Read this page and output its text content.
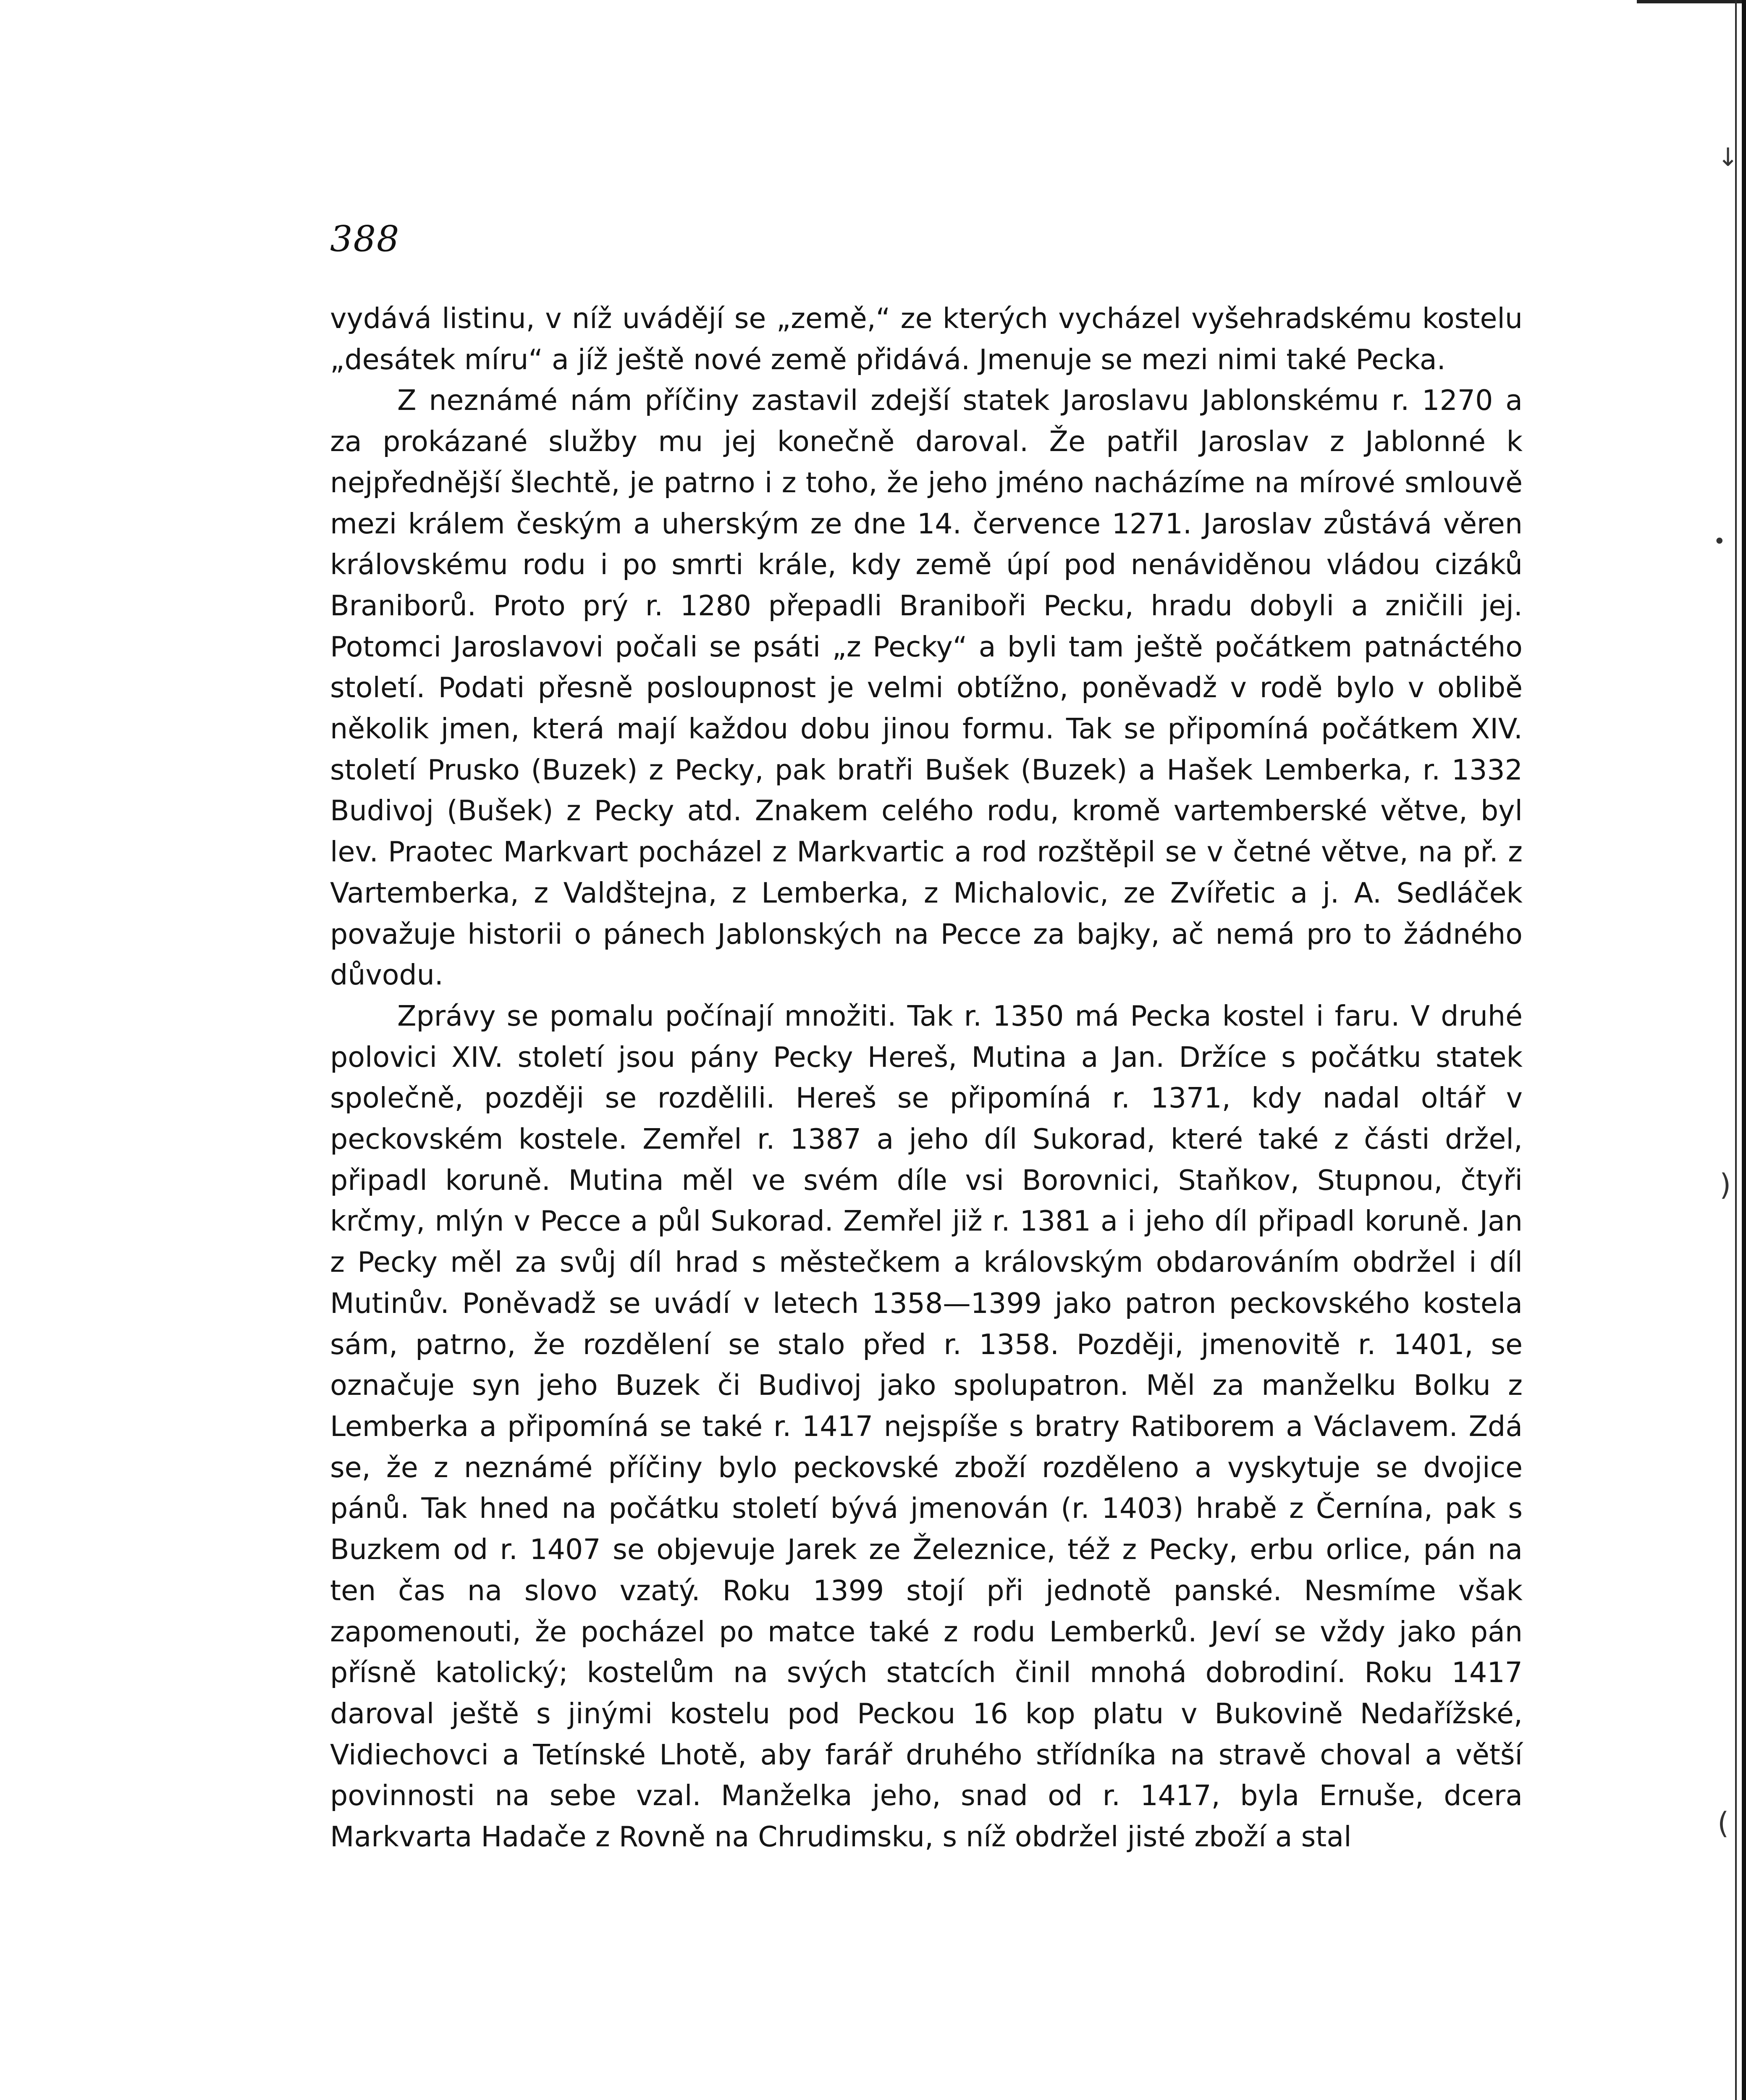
↓
•
)
(
388

vydává listinu, v níž uvádějí se „země,“ ze kterých vycházel vyšehradskému kostelu „desátek míru“ a jíž ještě nové země přidává. Jmenuje se mezi nimi také Pecka.

Z neznámé nám příčiny zastavil zdejší statek Jaroslavu Jablonskému r. 1270 a za prokázané služby mu jej konečně daroval. Že patřil Jaroslav z Jablonné k nejpřednější šlechtě, je patrno i z toho, že jeho jméno nacházíme na mírové smlouvě mezi králem českým a uherským ze dne 14. července 1271. Jaroslav zůstává věren královskému rodu i po smrti krále, kdy země úpí pod nenáviděnou vládou cizáků Braniborů. Proto prý r. 1280 přepadli Braniboři Pecku, hradu dobyli a zničili jej. Potomci Jaroslavovi počali se psáti „z Pecky“ a byli tam ještě počátkem patnáctého století. Podati přesně posloupnost je velmi obtížno, poněvadž v rodě bylo v oblibě několik jmen, která mají každou dobu jinou formu. Tak se připomíná počátkem XIV. století Prusko (Buzek) z Pecky, pak bratři Bušek (Buzek) a Hašek Lemberka, r. 1332 Budivoj (Bušek) z Pecky atd. Znakem celého rodu, kromě vartemberské větve, byl lev. Praotec Markvart pocházel z Markvartic a rod rozštěpil se v četné větve, na př. z Vartemberka, z Valdštejna, z Lemberka, z Michalovic, ze Zvířetic a j. A. Sedláček považuje historii o pánech Jablonských na Pecce za bajky, ač nemá pro to žádného důvodu.

Zprávy se pomalu počínají množiti. Tak r. 1350 má Pecka kostel i faru. V druhé polovici XIV. století jsou pány Pecky Hereš, Mutina a Jan. Držíce s počátku statek společně, později se rozdělili. Hereš se připomíná r. 1371, kdy nadal oltář v peckovském kostele. Zemřel r. 1387 a jeho díl Sukorad, které také z části držel, připadl koruně. Mutina měl ve svém díle vsi Borovnici, Staňkov, Stupnou, čtyři krčmy, mlýn v Pecce a půl Sukorad. Zemřel již r. 1381 a i jeho díl připadl koruně. Jan z Pecky měl za svůj díl hrad s městečkem a královským obdarováním obdržel i díl Mutinův. Poněvadž se uvádí v letech 1358—1399 jako patron peckovského kostela sám, patrno, že rozdělení se stalo před r. 1358. Později, jmenovitě r. 1401, se označuje syn jeho Buzek či Budivoj jako spolupatron. Měl za manželku Bolku z Lemberka a připomíná se také r. 1417 nejspíše s bratry Ratiborem a Václavem. Zdá se, že z neznámé příčiny bylo peckovské zboží rozděleno a vyskytuje se dvojice pánů. Tak hned na počátku století bývá jmenován (r. 1403) hrabě z Černína, pak s Buzkem od r. 1407 se objevuje Jarek ze Železnice, též z Pecky, erbu orlice, pán na ten čas na slovo vzatý. Roku 1399 stojí při jednotě panské. Nesmíme však zapomenouti, že pocházel po matce také z rodu Lemberků. Jeví se vždy jako pán přísně katolický; kostelům na svých statcích činil mnohá dobrodiní. Roku 1417 daroval ještě s jinými kostelu pod Peckou 16 kop platu v Bukovině Nedařížské, Vidiechovci a Tetínské Lhotě, aby farář druhého střídníka na stravě choval a větší povinnosti na sebe vzal. Manželka jeho, snad od r. 1417, byla Ernuše, dcera Markvarta Hadače z Rovně na Chrudimsku, s níž obdržel jisté zboží a stal
